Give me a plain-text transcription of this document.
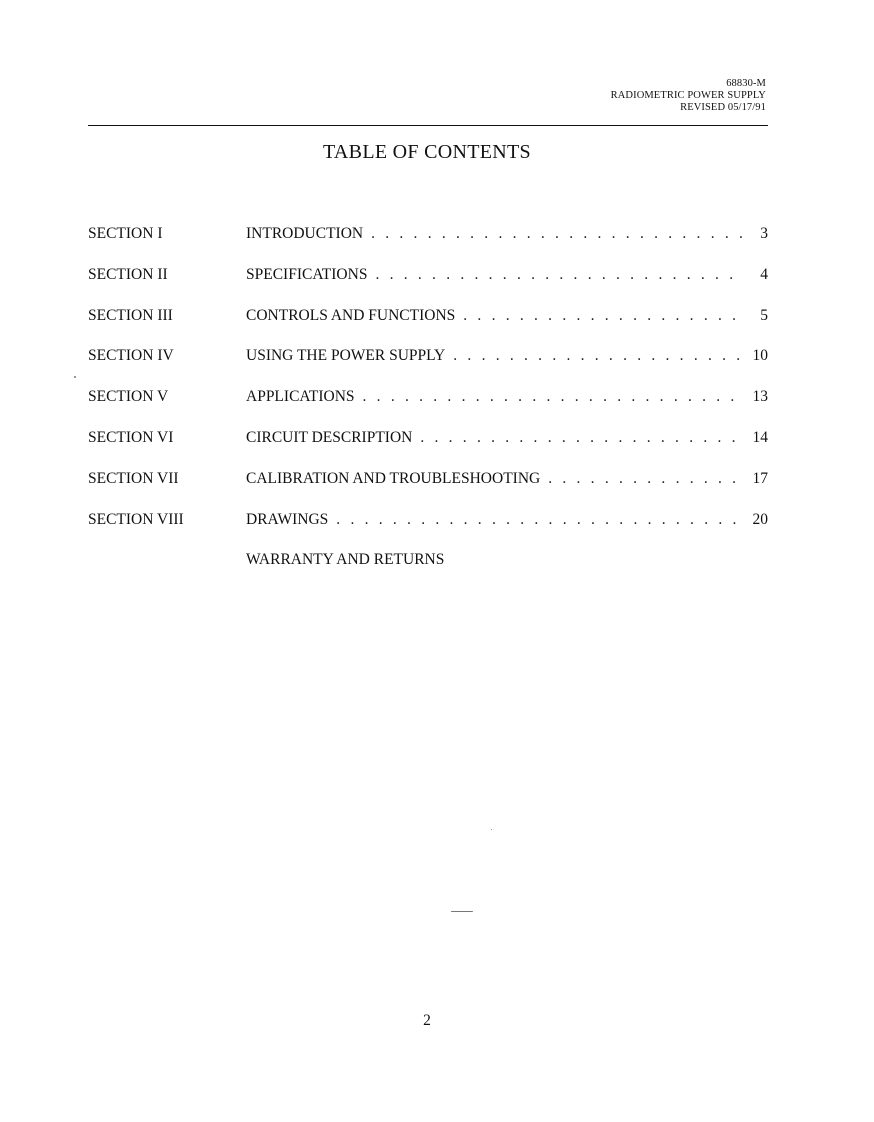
68830-M
RADIOMETRIC POWER SUPPLY
REVISED 05/17/91
TABLE OF CONTENTS
SECTION I	INTRODUCTION . . .	3
SECTION II	SPECIFICATIONS . . .	4
SECTION III	CONTROLS AND FUNCTIONS . . .	5
SECTION IV	USING THE POWER SUPPLY . . .	10
SECTION V	APPLICATIONS . . .	13
SECTION VI	CIRCUIT DESCRIPTION . . .	14
SECTION VII	CALIBRATION AND TROUBLESHOOTING . . .	17
SECTION VIII	DRAWINGS . . .	20
WARRANTY AND RETURNS
2
